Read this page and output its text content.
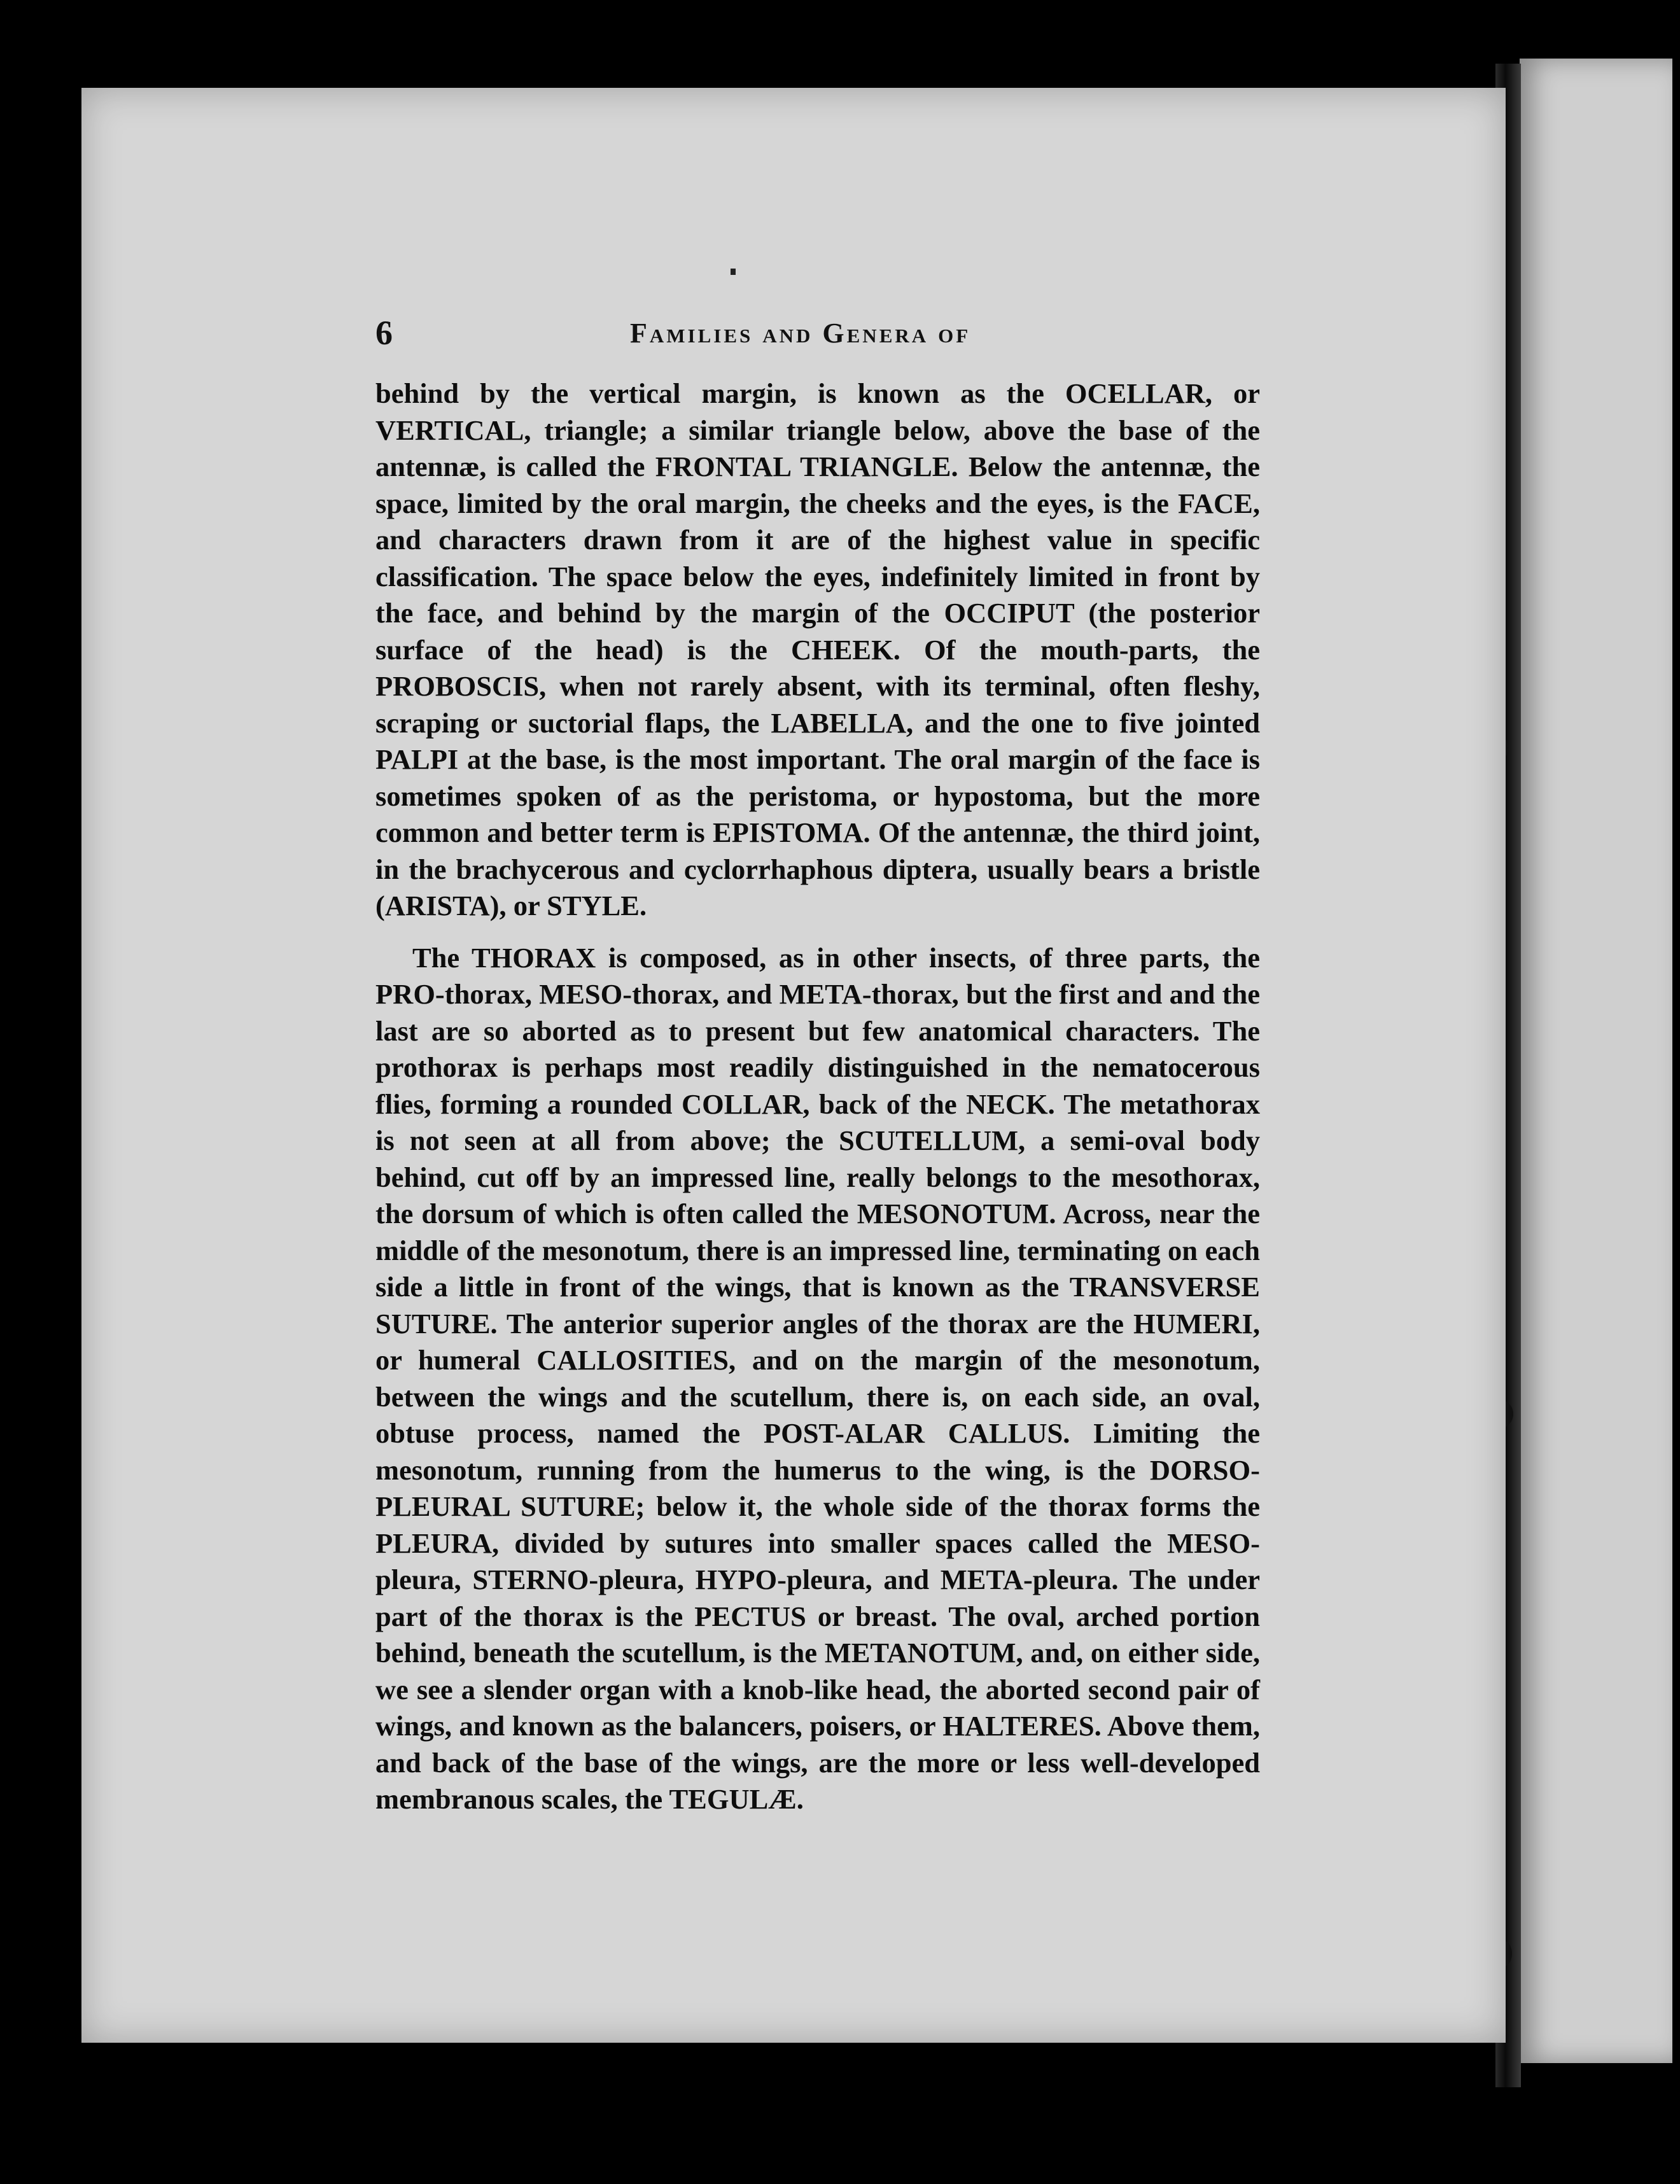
6	Families and Genera of

behind by the vertical margin, is known as the OCELLAR, or VERTICAL, triangle; a similar triangle below, above the base of the antennæ, is called the FRONTAL TRIANGLE. Below the antennæ, the space, limited by the oral margin, the cheeks and the eyes, is the FACE, and characters drawn from it are of the highest value in specific classification. The space below the eyes, indefinitely limited in front by the face, and behind by the margin of the OCCIPUT (the posterior surface of the head) is the CHEEK. Of the mouth-parts, the PROBOSCIS, when not rarely absent, with its terminal, often fleshy, scraping or suctorial flaps, the LABELLA, and the one to five jointed PALPI at the base, is the most important. The oral margin of the face is sometimes spoken of as the peristoma, or hypostoma, but the more common and better term is EPISTOMA. Of the antennæ, the third joint, in the brachycerous and cyclorrhaphous diptera, usually bears a bristle (ARISTA), or STYLE.

The THORAX is composed, as in other insects, of three parts, the PRO-thorax, MESO-thorax, and META-thorax, but the first and and the last are so aborted as to present but few anatomical characters. The prothorax is perhaps most readily distinguished in the nematocerous flies, forming a rounded COLLAR, back of the NECK. The metathorax is not seen at all from above; the SCUTELLUM, a semi-oval body behind, cut off by an impressed line, really belongs to the mesothorax, the dorsum of which is often called the MESONOTUM. Across, near the middle of the mesonotum, there is an impressed line, terminating on each side a little in front of the wings, that is known as the TRANSVERSE SUTURE. The anterior superior angles of the thorax are the HUMERI, or humeral CALLOSITIES, and on the margin of the mesonotum, between the wings and the scutellum, there is, on each side, an oval, obtuse process, named the POST-ALAR CALLUS. Limiting the mesonotum, running from the humerus to the wing, is the DORSO-PLEURAL SUTURE; below it, the whole side of the thorax forms the PLEURA, divided by sutures into smaller spaces called the MESO-pleura, STERNO-pleura, HYPO-pleura, and META-pleura. The under part of the thorax is the PECTUS or breast. The oval, arched portion behind, beneath the scutellum, is the METANOTUM, and, on either side, we see a slender organ with a knob-like head, the aborted second pair of wings, and known as the balancers, poisers, or HALTERES. Above them, and back of the base of the wings, are the more or less well-developed membranous scales, the TEGULÆ.
